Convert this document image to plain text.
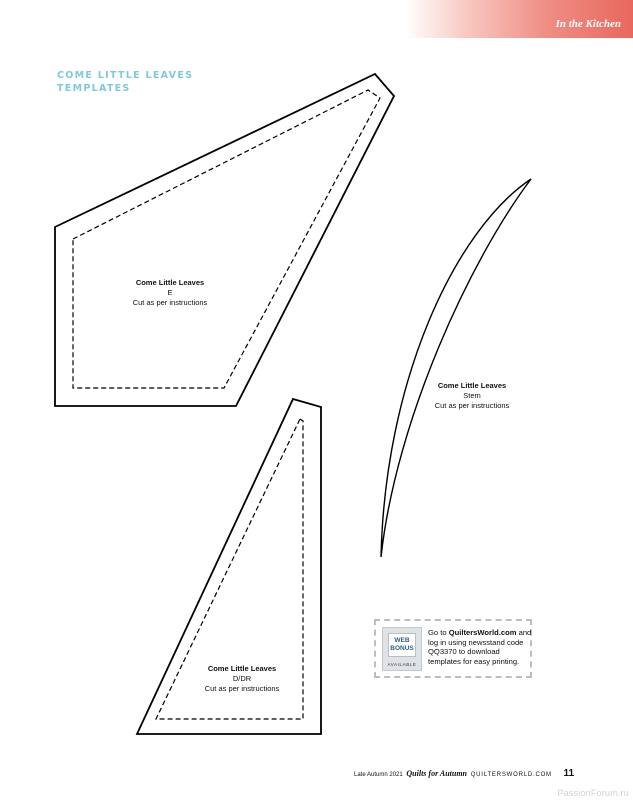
In the Kitchen
COME LITTLE LEAVES
TEMPLATES
Come Little Leaves
E
Cut as per instructions
Come Little Leaves
Stem
Cut as per instructions
Come Little Leaves
D/DR
Cut as per instructions
WEB
BONUS
AVAILABLE
Go to QuiltersWorld.com and log in using newsstand code QQ3370 to download templates for easy printing.
Late Autumn 2021 Quilts for Autumn QUILTERSWORLD.COM 11
PassionForum.ru
